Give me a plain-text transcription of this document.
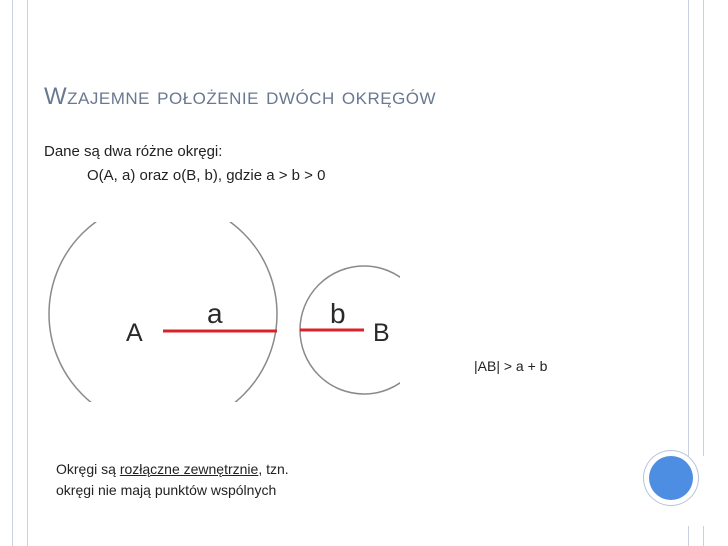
Wzajemne położenie dwóch okręgów
Dane są dwa różne okręgi:
O(A, a) oraz o(B, b), gdzie a > b > 0
A
a	b
B
|AB| > a + b
Okręgi są rozłączne zewnętrznie, tzn.
okręgi nie mają punktów wspólnych
